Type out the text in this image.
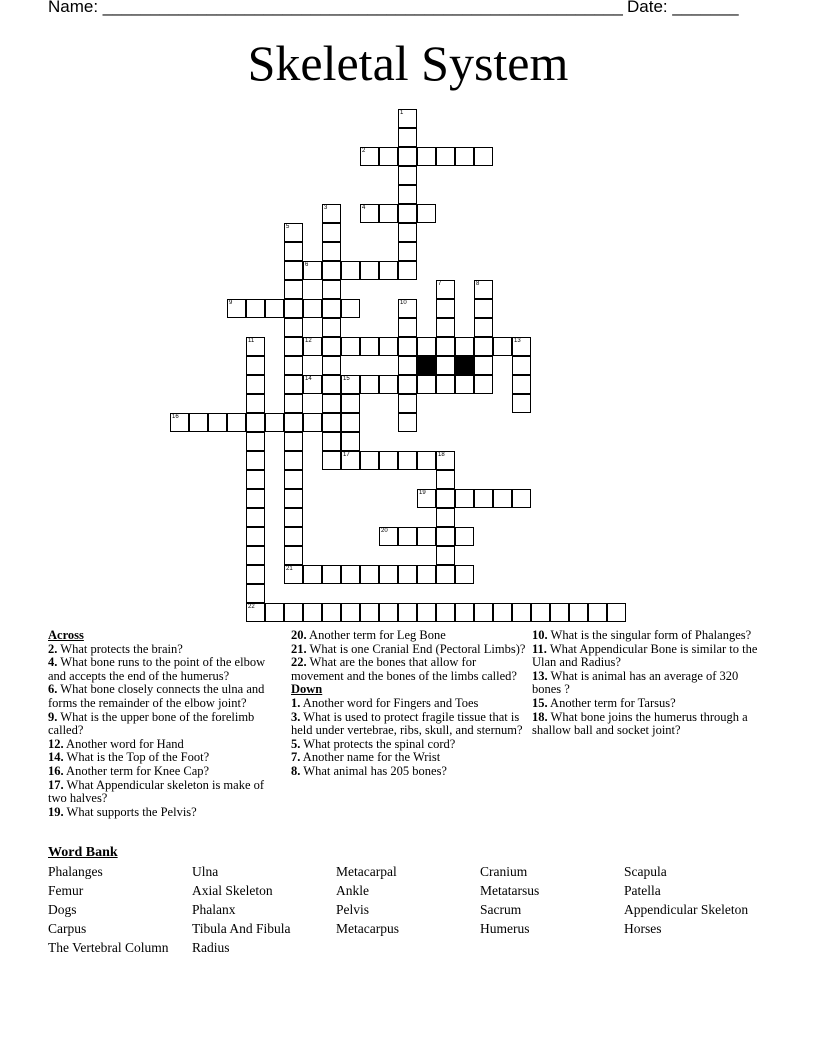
Name: _______________________________________________________ Date: _______
Skeletal System
2
4
6
9
12
14	15
16
17	18
19
20
21
22
1
3
5
7	8
10
11	13
Across
2. What protects the brain?
4. What bone runs to the point of the elbow and accepts the end of the humerus?
6. What bone closely connects the ulna and forms the remainder of the elbow joint?
9. What is the upper bone of the forelimb called?
12. Another word for Hand
14. What is the Top of the Foot?
16. Another term for Knee Cap?
17. What Appendicular skeleton is make of two halves?
19. What supports the Pelvis?
20. Another term for Leg Bone
21. What is one Cranial End (Pectoral Limbs)?
22. What are the bones that allow for movement and the bones of the limbs called?
Down
1. Another word for Fingers and Toes
3. What is used to protect fragile tissue that is held under vertebrae, ribs, skull, and sternum?
5. What protects the spinal cord?
7. Another name for the Wrist
8. What animal has 205 bones?
10. What is the singular form of Phalanges?
11. What Appendicular Bone is similar to the Ulan and Radius?
13. What is animal has an average of 320 bones ?
15. Another term for Tarsus?
18. What bone joins the humerus through a shallow ball and socket joint?
Word Bank
Phalanges
Femur
Dogs
Carpus
The Vertebral Column
Ulna
Axial Skeleton
Phalanx
Tibula And Fibula
Radius
Metacarpal
Ankle
Pelvis
Metacarpus
Cranium
Metatarsus
Sacrum
Humerus
Scapula
Patella
Appendicular Skeleton
Horses
